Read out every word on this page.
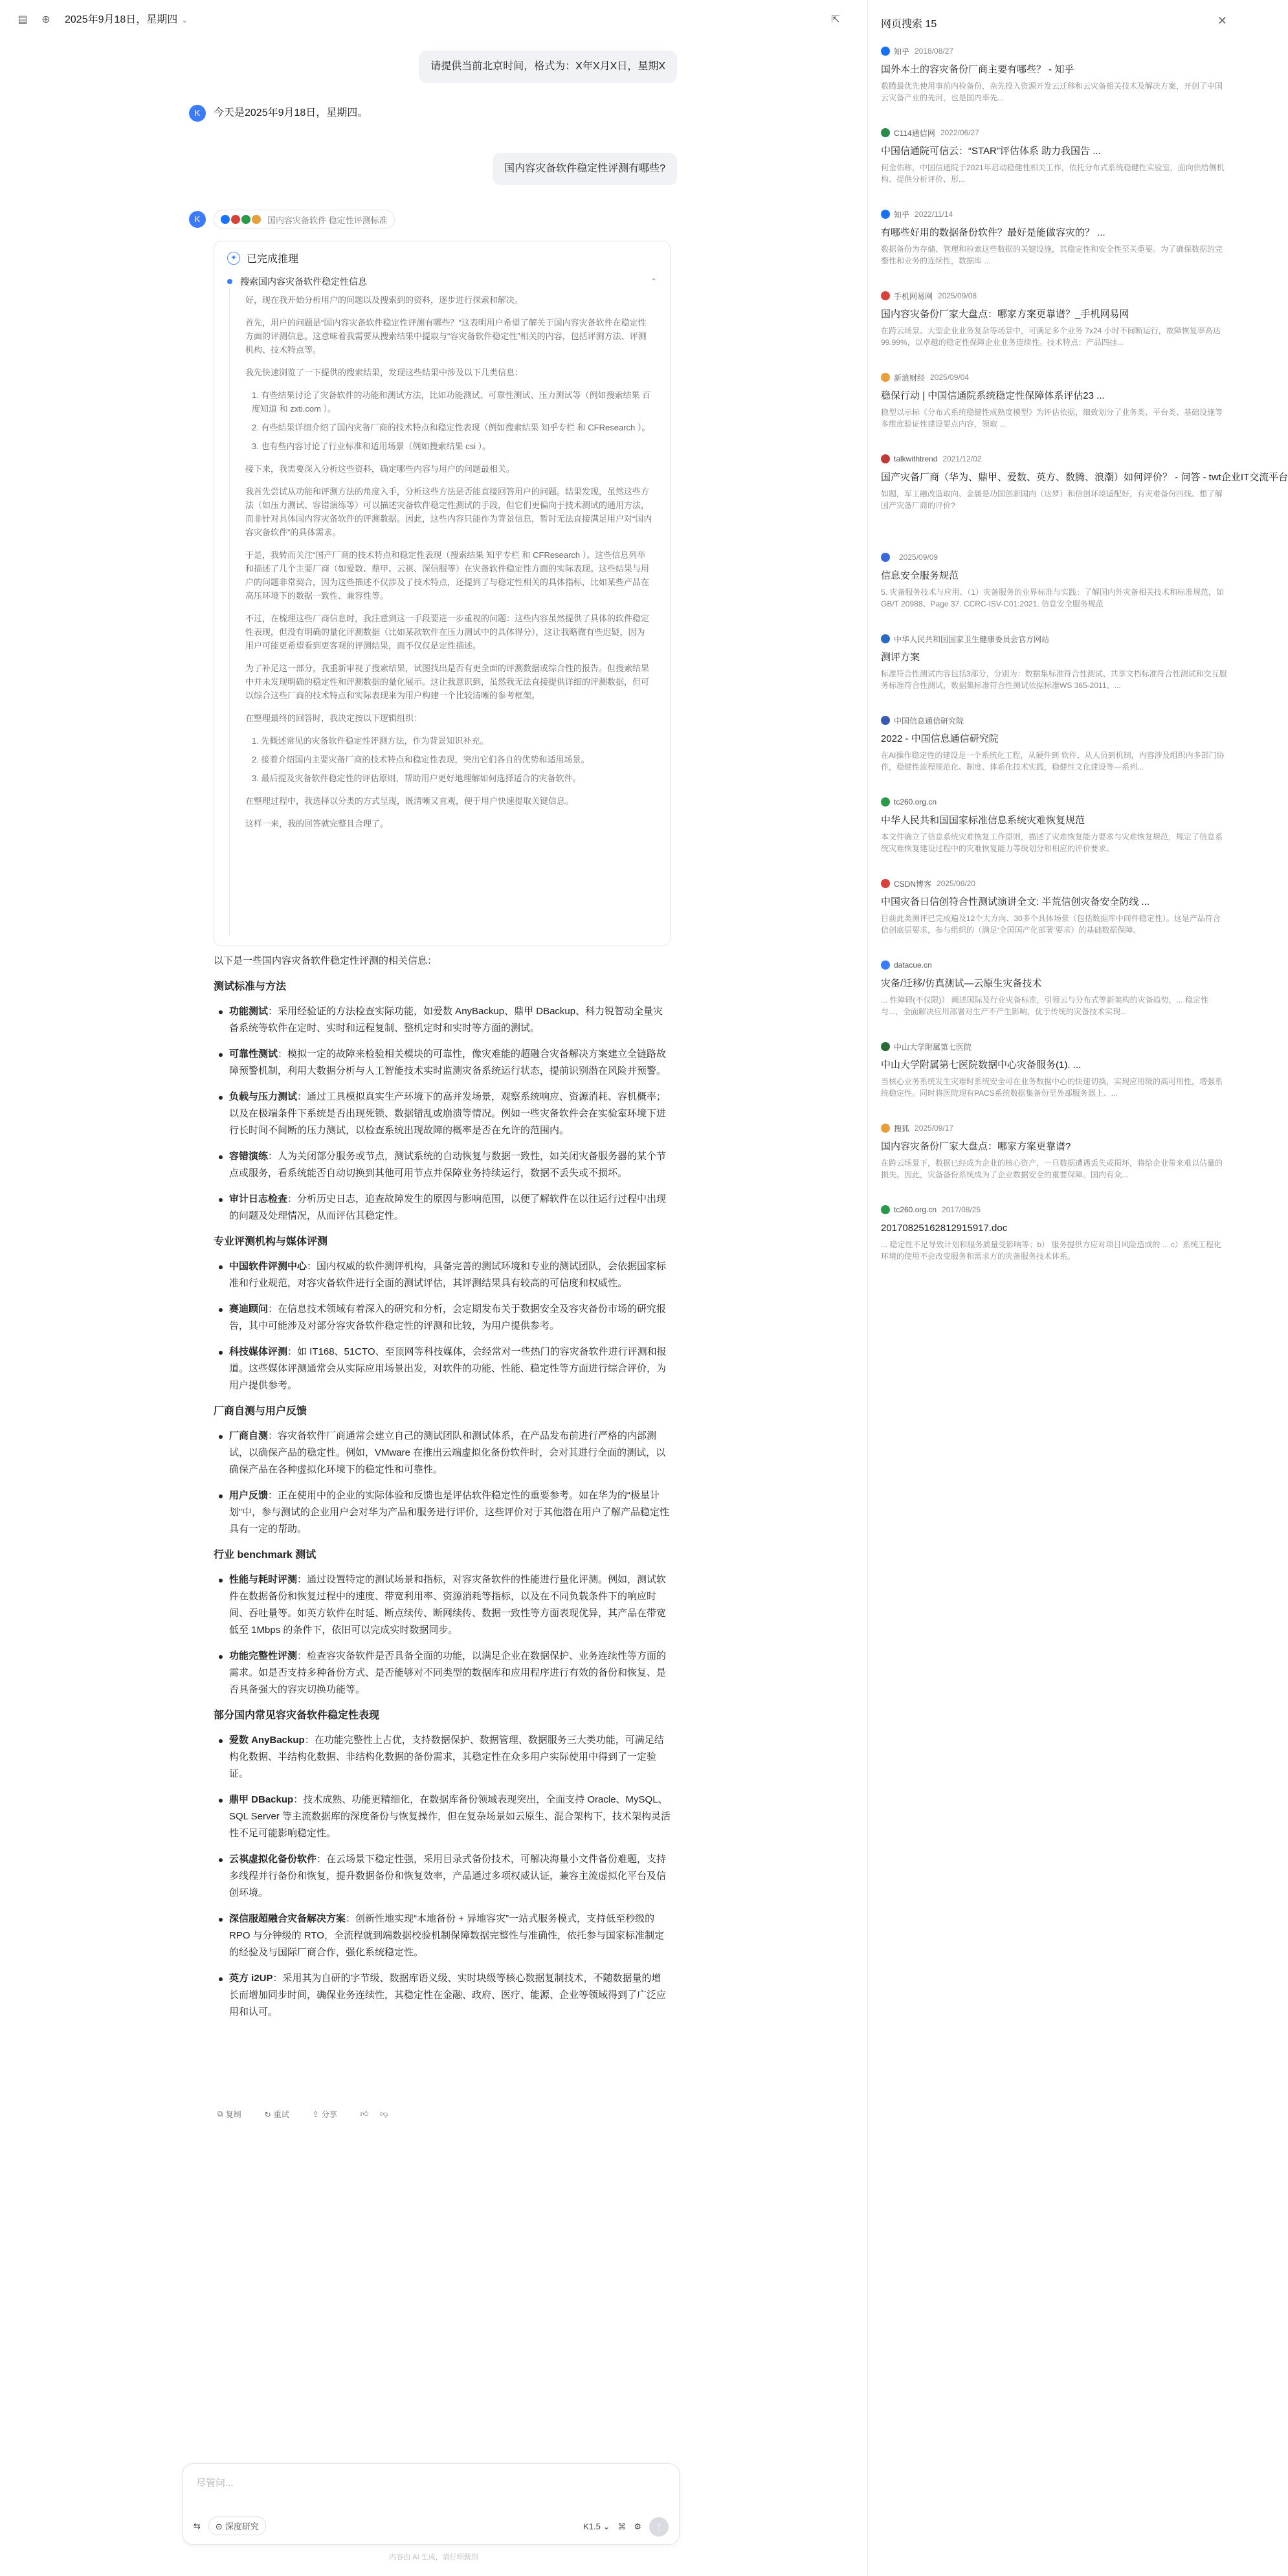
▤ ⊕ 2025年9月18日，星期四 ⌄	⇱
请提供当前北京时间，格式为：X年X月X日，星期X
K	今天是2025年9月18日，星期四。
国内容灾备软件稳定性评测有哪些?
K	国内容灾备软件 稳定性评测标准
✦ 已完成推理
搜索国内容灾备软件稳定性信息	⌃

好，现在我开始分析用户的问题以及搜索到的资料，逐步进行探索和解决。

首先，用户的问题是“国内容灾备软件稳定性评测有哪些？”这表明用户希望了解关于国内容灾备软件在稳定性方面的评测信息。这意味着我需要从搜索结果中提取与“容灾备软件稳定性”相关的内容，包括评测方法、评测机构、技术特点等。

我先快速浏览了一下提供的搜索结果，发现这些结果中涉及以下几类信息：

1. 有些结果讨论了灾备软件的功能和测试方法，比如功能测试、可靠性测试、压力测试等（例如搜索结果 百度知道 和 zxti.com ）。
2. 有些结果详细介绍了国内灾备厂商的技术特点和稳定性表现（例如搜索结果 知乎专栏 和 CFResearch ）。
3. 也有些内容讨论了行业标准和适用场景（例如搜索结果 csi ）。

接下来，我需要深入分析这些资料，确定哪些内容与用户的问题最相关。

我首先尝试从功能和评测方法的角度入手，分析这些方法是否能直接回答用户的问题。结果发现，虽然这些方法（如压力测试、容错演练等）可以描述灾备软件稳定性测试的手段，但它们更偏向于技术测试的通用方法，而非针对具体国内容灾备软件的评测数据。因此，这些内容只能作为背景信息，暂时无法直接满足用户对“国内容灾备软件”的具体需求。

于是，我转而关注“国产厂商的技术特点和稳定性表现（搜索结果 知乎专栏 和 CFResearch ）。这些信息列举和描述了几个主要厂商（如爱数、鼎甲、云祺、深信服等）在灾备软件稳定性方面的实际表现。这些结果与用户的问题非常契合，因为这些描述不仅涉及了技术特点，还提到了与稳定性相关的具体指标，比如某些产品在高压环境下的数据一致性、兼容性等。

不过，在梳理这些厂商信息时，我注意到这一手段要进一步重视的问题：这些内容虽然提供了具体的软件稳定性表现，但没有明确的量化评测数据（比如某款软件在压力测试中的具体得分），这让我略微有些迟疑，因为用户可能更希望看到更客观的评测结果，而不仅仅是定性描述。

为了补足这一部分，我重新审视了搜索结果，试图找出是否有更全面的评测数据或综合性的报告。但搜索结果中并未发现明确的稳定性和评测数据的量化展示。这让我意识到，虽然我无法直接提供详细的评测数据，但可以综合这些厂商的技术特点和实际表现来为用户构建一个比较清晰的参考框架。

在整理最终的回答时，我决定按以下逻辑组织：

1. 先概述常见的灾备软件稳定性评测方法，作为背景知识补充。
2. 接着介绍国内主要灾备厂商的技术特点和稳定性表现，突出它们各自的优势和适用场景。
3. 最后提及灾备软件稳定性的评估原则，帮助用户更好地理解如何选择适合的灾备软件。

在整理过程中，我选择以分类的方式呈现，既清晰又直观，便于用户快速提取关键信息。

这样一来，我的回答就完整且合理了。

以下是一些国内容灾备软件稳定性评测的相关信息：
测试标准与方法
功能测试：采用经验证的方法检查实际功能，如爱数 AnyBackup、鼎甲 DBackup、科力锐智动全量灾备系统等软件在定时、实时和远程复制、整机定时和实时等方面的测试。
可靠性测试：模拟一定的故障来检验相关模块的可靠性，像灾难能的超融合灾备解决方案建立全链路故障预警机制，利用大数据分析与人工智能技术实时监测灾备系统运行状态，提前识别潜在风险并预警。
负载与压力测试：通过工具模拟真实生产环境下的高并发场景，观察系统响应、资源消耗、容机概率；以及在极端条件下系统是否出现死锁、数据错乱或崩溃等情况。例如一些灾备软件会在实验室环境下进行长时间不间断的压力测试，以检查系统出现故障的概率是否在允许的范围内。
容错演练：人为关闭部分服务或节点，测试系统的自动恢复与数据一致性，如关闭灾备服务器的某个节点或服务，看系统能否自动切换到其他可用节点并保障业务持续运行，数据不丢失或不损坏。
审计日志检查：分析历史日志，追查故障发生的原因与影响范围，以便了解软件在以往运行过程中出现的问题及处理情况，从而评估其稳定性。
专业评测机构与媒体评测
中国软件评测中心：国内权威的软件测评机构，具备完善的测试环境和专业的测试团队，会依据国家标准和行业规范，对容灾备软件进行全面的测试评估，其评测结果具有较高的可信度和权威性。
赛迪顾问：在信息技术领域有着深入的研究和分析，会定期发布关于数据安全及容灾备份市场的研究报告，其中可能涉及对部分容灾备软件稳定性的评测和比较，为用户提供参考。
科技媒体评测：如 IT168、51CTO、至顶网等科技媒体，会经常对一些热门的容灾备软件进行评测和报道。这些媒体评测通常会从实际应用场景出发，对软件的功能、性能、稳定性等方面进行综合评价，为用户提供参考。
厂商自测与用户反馈
厂商自测：容灾备软件厂商通常会建立自己的测试团队和测试体系，在产品发布前进行严格的内部测试，以确保产品的稳定性。例如，VMware 在推出云端虚拟化备份软件时，会对其进行全面的测试，以确保产品在各种虚拟化环境下的稳定性和可靠性。
用户反馈：正在使用中的企业的实际体验和反馈也是评估软件稳定性的重要参考。如在华为的“极星计划”中，参与测试的企业用户会对华为产品和服务进行评价，这些评价对于其他潜在用户了解产品稳定性具有一定的帮助。
行业 benchmark 测试
性能与耗时评测：通过设置特定的测试场景和指标，对容灾备软件的性能进行量化评测。例如，测试软件在数据备份和恢复过程中的速度、带宽利用率、资源消耗等指标，以及在不同负载条件下的响应时间、吞吐量等。如英方软件在时延、断点续传、断网续传、数据一致性等方面表现优异，其产品在带宽低至 1Mbps 的条件下，依旧可以完成实时数据同步。
功能完整性评测：检查容灾备软件是否具备全面的功能，以满足企业在数据保护、业务连续性等方面的需求。如是否支持多种备份方式、是否能够对不同类型的数据库和应用程序进行有效的备份和恢复、是否具备强大的容灾切换功能等。
部分国内常见容灾备软件稳定性表现
爱数 AnyBackup：在功能完整性上占优，支持数据保护、数据管理、数据服务三大类功能，可满足结构化数据、半结构化数据、非结构化数据的备份需求，其稳定性在众多用户实际使用中得到了一定验证。
鼎甲 DBackup：技术成熟、功能更精细化，在数据库备份领域表现突出，全面支持 Oracle、MySQL、SQL Server 等主流数据库的深度备份与恢复操作，但在复杂场景如云原生、混合架构下，技术架构灵活性不足可能影响稳定性。
云祺虚拟化备份软件：在云场景下稳定性强，采用目录式备份技术，可解决海量小文件备份难题，支持多线程并行备份和恢复，提升数据备份和恢复效率，产品通过多项权威认证，兼容主流虚拟化平台及信创环境。
深信服超融合灾备解决方案：创新性地实现“本地备份 + 异地容灾”一站式服务模式，支持低至秒级的 RPO 与分钟级的 RTO，全流程就到端数据校验机制保障数据完整性与准确性，依托参与国家标准制定的经验及与国际厂商合作，强化系统稳定性。
英方 i2UP：采用其为自研的字节级、数据库语义级、实时块级等核心数据复制技术，不随数据量的增长而增加同步时间，确保业务连续性，其稳定性在金融、政府、医疗、能源、企业等领域得到了广泛应用和认可。
⧉ 复制	↻ 重试	⇪ 分享	👍︎ 👎︎
尽管问...
⇆	⊙ 深度研究	K1.5 ⌄ ⌘ ⚙	↑
内容由 AI 生成，请仔细甄别
网页搜索 15	✕
知乎 2018/08/27
国外本土的容灾备份厂商主要有哪些？ - 知乎
数腾最优先使用事前内检备份，亲先投入资源开发云迁移和云灾备相关技术及解决方案，开创了中国云灾备产业的先河，也是国内率先...
C114通信网 2022/06/27
中国信通院可信云：“STAR”评估体系 助力我国告 ...
何金佑称，中国信通院于2021年启动稳健性相关工作，依托分布式系统稳健性实验室，面向供给侧机构、提供分析评价、形...
知乎 2022/11/14
有哪些好用的数据备份软件？最好是能做容灾的？ ...
数据备份为存储、管理和检索这些数据的关键设施，其稳定性和安全性至关重要。为了确保数据的完整性和业务的连续性，数据库 ...
手机网易网 2025/09/08
国内容灾备份厂家大盘点：哪家方案更靠谱？_手机网易网
在跨云场景、大型企业业务复杂等场景中，可满足多个业务 7x24 小时不间断运行，故障恢复率高达 99.99%，以卓越的稳定性保障企业业务连续性。技术特点：产品四挂...
新浪财经 2025/09/04
稳保行动 | 中国信通院系统稳定性保障体系评估23 ...
稳型以示标《分布式系统稳健性成熟度模型》为评估依据，细致划分了业务类、平台类、基础设施等多维度验证性建设要点内容，领取 ...
talkwithtrend 2021/12/02
国产灾备厂商（华为、鼎甲、爱数、英方、数腾、浪潮）如何评价？ - 问答 - twt企业IT交流平台
如题，军工融改造取向、金属是功国创新国内（达梦）和信创环境适配好，有灾难备份四线、想了解国产灾备厂商的评价?
2025/09/09
信息安全服务规范
5. 灾备服务技术与应用、（1）灾备服务的业界标准与实践：了解国内外灾备相关技术和标准规范，如 GB/T 20988、Page 37. CCRC-ISV-C01:2021. 信息安全服务规范
中华人民共和国国家卫生健康委员会官方网站
测评方案
标准符合性测试内容包括3部分，分别为：数据集标准符合性测试、共享文档标准符合性测试和交互服务标准符合性测试，数据集标准符合性测试依据标准WS 365-2011、...
中国信息通信研究院
2022 - 中国信息通信研究院
在AI操作稳定性的建设是一个系统化工程，从硬件到 软件、从人员到机制，内容涉及组织内多部门协作，稳健性流程规范化、制度、体系化技术实践，稳健性文化建设等—系列...
tc260.org.cn
中华人民共和国国家标准信息系统灾难恢复规范
本文件确立了信息系统灾难恢复工作原则，描述了灾难恢复能力要求与灾难恢复规范，规定了信息系统灾难恢复建设过程中的灾难恢复能力等级划分和相应的评价要求。
CSDN博客 2025/08/20
中国灾备日信创符合性测试演讲全文: 半荒信创灾备安全防线 ...
目前此类测评已完成遍及12个大方向、30多个具体场景（包括数据库中间件稳定性）。这是产品符合信创底层要求，参与组织的（满足‘全国国产化部署’要求）的基础数据保障。
datacue.cn
灾备/迁移/仿真测试—云原生灾备技术
... 性障碍(不仅限)） 阐述国际及行业灾备标准，引领云与分布式等新架构的灾备趋势，... 稳定性与...，全面解决应用部署对生产不产生影响，优于传统的灾备技术实现...
中山大学附属第七医院
中山大学附属第七医院数据中心灾备服务(1). ...
当核心业务系统发生灾难时系统安全可在业务数据中心的快速切换，实现应用级的高可用性，增强系统稳定性。同时将医院现有PACS系统数据集备份至外部服务器上、...
搜狐 2025/09/17
国内容灾备份厂家大盘点：哪家方案更靠谱?
在跨云场景下，数据已经成为企业的核心资产，一旦数据遭遇丢失或损坏，将给企业带来难以估量的损失。因此，灾备备份系统成为了企业数据安全的重要保障。国内有众...
tc260.org.cn 2017/08/25
20170825162812915917.doc
... 稳定性不足导致计划和服务质量受影响等；b） 服务提供方应对项目风险造成的 ... c）系统工程化环境的使用不会改变服务和需求方的灾备服务技术体系。
